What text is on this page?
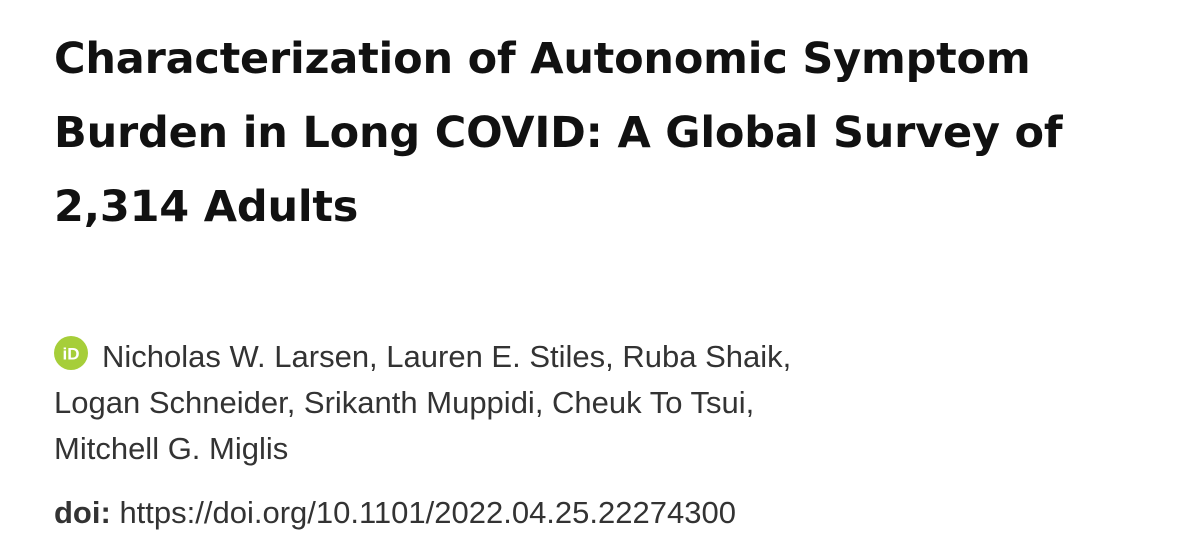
Characterization of Autonomic Symptom
Burden in Long COVID: A Global Survey of
2,314 Adults
iD Nicholas W. Larsen, Lauren E. Stiles, Ruba Shaik,
Logan Schneider, Srikanth Muppidi, Cheuk To Tsui,
Mitchell G. Miglis
doi: https://doi.org/10.1101/2022.04.25.22274300
